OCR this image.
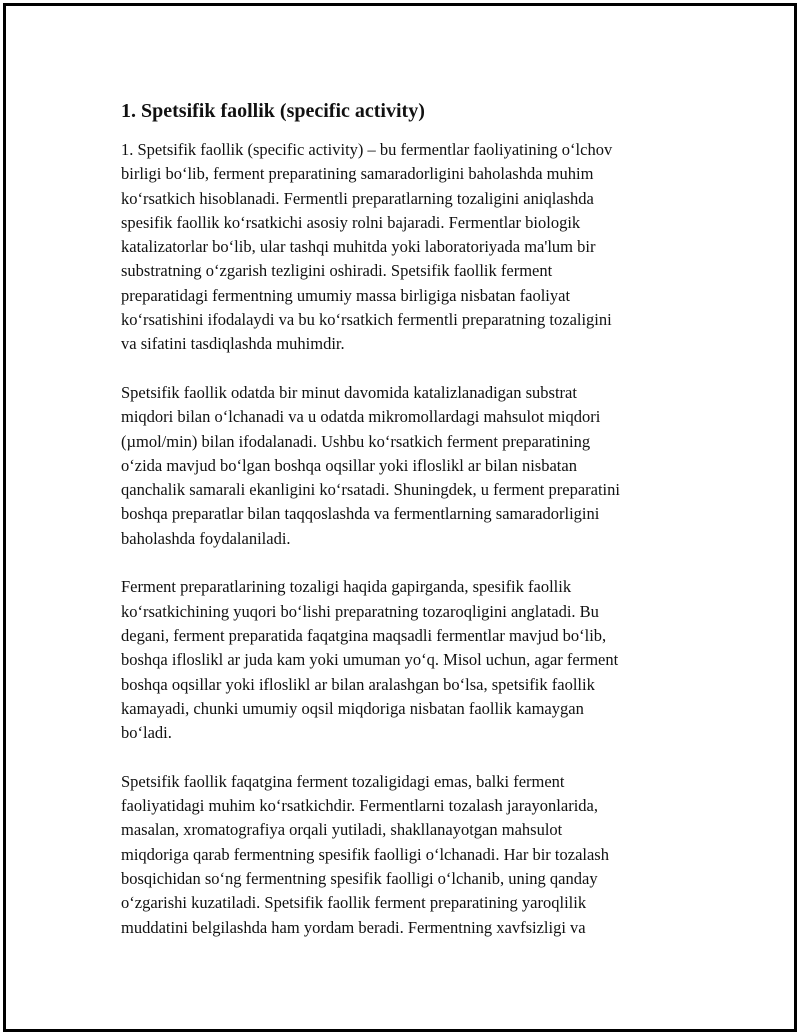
1. Spetsifik faollik (specific activity)

1. Spetsifik faollik (specific activity) – bu fermentlar faoliyatining oʻlchov
birligi boʻlib, ferment preparatining samaradorligini baholashda muhim
koʻrsatkich hisoblanadi. Fermentli preparatlarning tozaligini aniqlashda
spesifik faollik koʻrsatkichi asosiy rolni bajaradi. Fermentlar biologik
katalizatorlar boʻlib, ular tashqi muhitda yoki laboratoriyada ma'lum bir
substratning oʻzgarish tezligini oshiradi. Spetsifik faollik ferment
preparatidagi fermentning umumiy massa birligiga nisbatan faoliyat
koʻrsatishini ifodalaydi va bu koʻrsatkich fermentli preparatning tozaligini
va sifatini tasdiqlashda muhimdir.

Spetsifik faollik odatda bir minut davomida katalizlanadigan substrat
miqdori bilan oʻlchanadi va u odatda mikromollardagi mahsulot miqdori
(µmol/min) bilan ifodalanadi. Ushbu koʻrsatkich ferment preparatining
oʻzida mavjud boʻlgan boshqa oqsillar yoki ifloslikl ar bilan nisbatan
qanchalik samarali ekanligini koʻrsatadi. Shuningdek, u ferment preparatini
boshqa preparatlar bilan taqqoslashda va fermentlarning samaradorligini
baholashda foydalaniladi.

Ferment preparatlarining tozaligi haqida gapirganda, spesifik faollik
koʻrsatkichining yuqori boʻlishi preparatning tozaroqligini anglatadi. Bu
degani, ferment preparatida faqatgina maqsadli fermentlar mavjud boʻlib,
boshqa ifloslikl ar juda kam yoki umuman yoʻq. Misol uchun, agar ferment
boshqa oqsillar yoki ifloslikl ar bilan aralashgan boʻlsa, spetsifik faollik
kamayadi, chunki umumiy oqsil miqdoriga nisbatan faollik kamaygan
boʻladi.

Spetsifik faollik faqatgina ferment tozaligidagi emas, balki ferment
faoliyatidagi muhim koʻrsatkichdir. Fermentlarni tozalash jarayonlarida,
masalan, xromatografiya orqali yutiladi, shakllanayotgan mahsulot
miqdoriga qarab fermentning spesifik faolligi oʻlchanadi. Har bir tozalash
bosqichidan soʻng fermentning spesifik faolligi oʻlchanib, uning qanday
oʻzgarishi kuzatiladi. Spetsifik faollik ferment preparatining yaroqlilik
muddatini belgilashda ham yordam beradi. Fermentning xavfsizligi va
